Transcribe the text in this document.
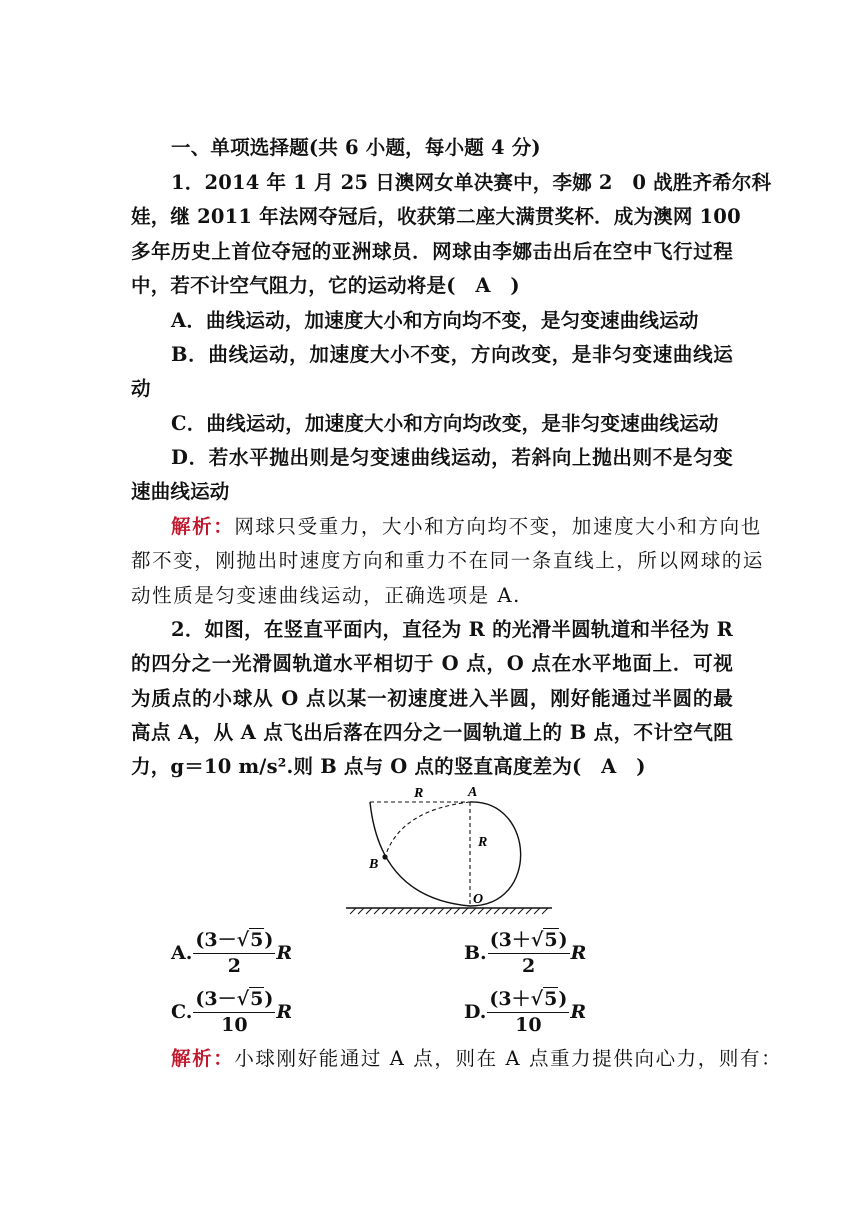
一、单项选择题(共 6 小题，每小题 4 分)
1．2014 年 1 月 25 日澳网女单决赛中，李娜 2　0 战胜齐希尔科
娃，继 2011 年法网夺冠后，收获第二座大满贯奖杯．成为澳网 100
多年历史上首位夺冠的亚洲球员．网球由李娜击出后在空中飞行过程
中，若不计空气阻力，它的运动将是(　A　)
A．曲线运动，加速度大小和方向均不变，是匀变速曲线运动
B．曲线运动，加速度大小不变，方向改变，是非匀变速曲线运
动
C．曲线运动，加速度大小和方向均改变，是非匀变速曲线运动
D．若水平抛出则是匀变速曲线运动，若斜向上抛出则不是匀变
速曲线运动
解析：网球只受重力，大小和方向均不变，加速度大小和方向也
都不变，刚抛出时速度方向和重力不在同一条直线上，所以网球的运
动性质是匀变速曲线运动，正确选项是 A.
2．如图，在竖直平面内，直径为 R 的光滑半圆轨道和半径为 R
的四分之一光滑圆轨道水平相切于 O 点，O 点在水平地面上．可视
为质点的小球从 O 点以某一初速度进入半圆，刚好能通过半圆的最
高点 A，从 A 点飞出后落在四分之一圆轨道上的 B 点，不计空气阻
力，g＝10 m/s².则 B 点与 O 点的竖直高度差为(　A　)
R	A
R
B
O
A. $\frac{(3-√5)}{2}$ R	B. $\frac{(3+√5)}{2}$ R
C. $\frac{(3-√5)}{10}$ R	D. $\frac{(3+√5)}{10}$ R
解析：小球刚好能通过 A 点，则在 A 点重力提供向心力，则有：
